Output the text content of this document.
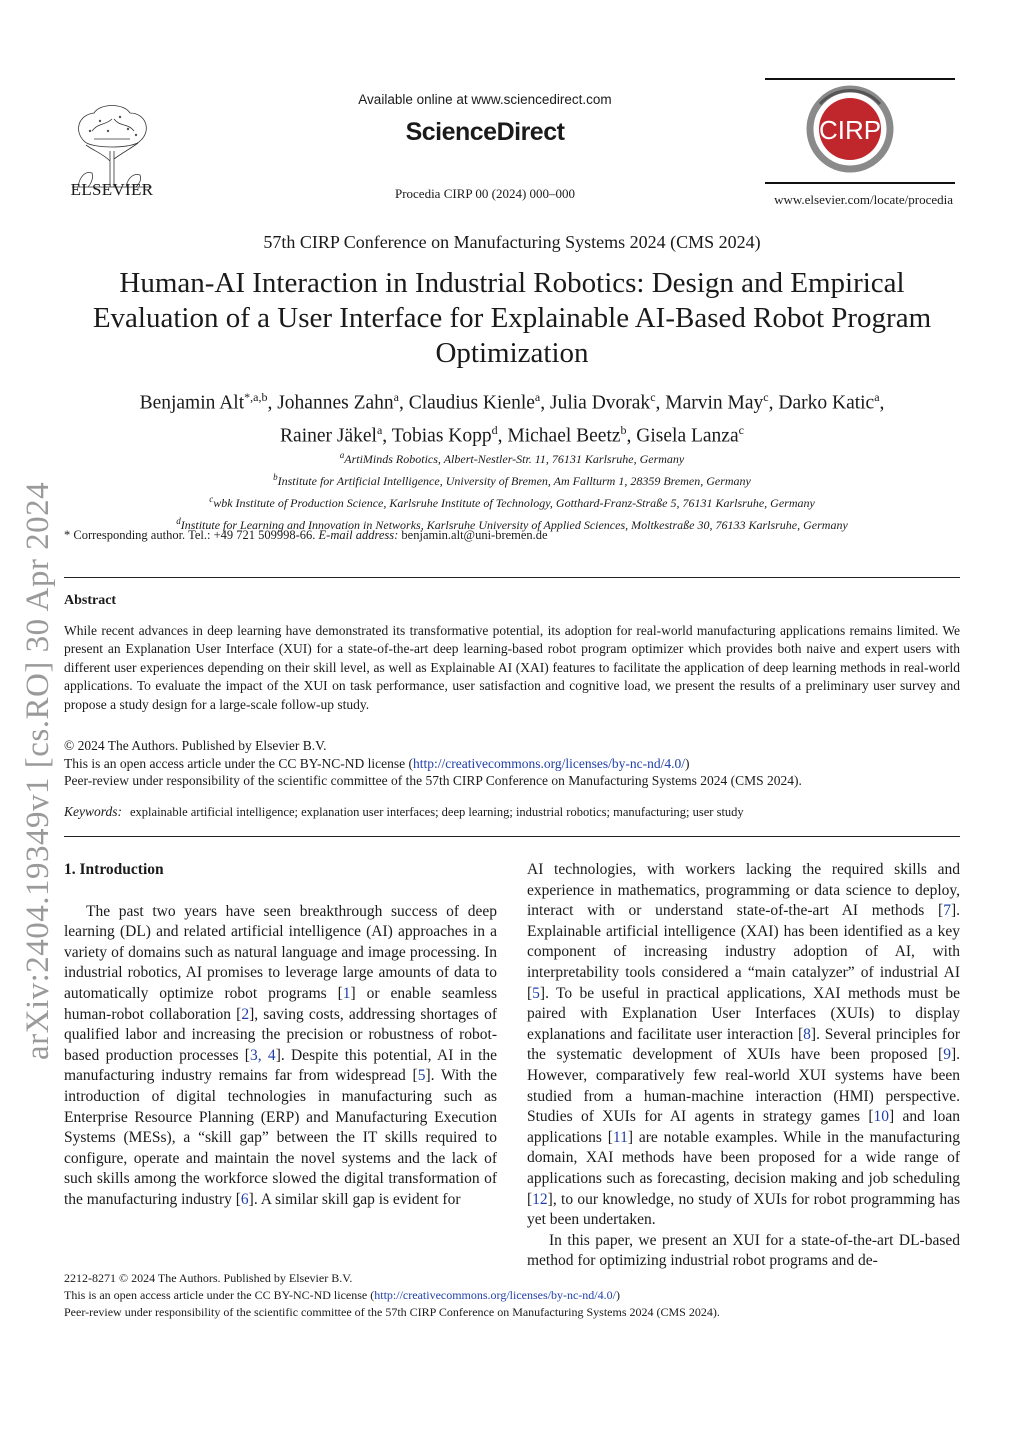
ELSEVIER
Available online at www.sciencedirect.com
ScienceDirect
Procedia CIRP 00 (2024) 000–000
CIRP
www.elsevier.com/locate/procedia
57th CIRP Conference on Manufacturing Systems 2024 (CMS 2024)
Human-AI Interaction in Industrial Robotics: Design and Empirical Evaluation of a User Interface for Explainable AI-Based Robot Program Optimization
Benjamin Alt$^{*,a,b}$, Johannes Zahn$^a$, Claudius Kienle$^a$, Julia Dvorak$^c$, Marvin May$^c$, Darko Katic$^a$,
Rainer Jäkel$^a$, Tobias Kopp$^d$, Michael Beetz$^b$, Gisela Lanza$^c$
$^a$ArtiMinds Robotics, Albert-Nestler-Str. 11, 76131 Karlsruhe, Germany
$^b$Institute for Artificial Intelligence, University of Bremen, Am Fallturm 1, 28359 Bremen, Germany
$^c$wbk Institute of Production Science, Karlsruhe Institute of Technology, Gotthard-Franz-Straße 5, 76131 Karlsruhe, Germany
$^d$Institute for Learning and Innovation in Networks, Karlsruhe University of Applied Sciences, Moltkestraße 30, 76133 Karlsruhe, Germany
* Corresponding author. Tel.: +49 721 509998-66. E-mail address: benjamin.alt@uni-bremen.de
arXiv:2404.19349v1 [cs.RO] 30 Apr 2024 Abstract
While recent advances in deep learning have demonstrated its transformative potential, its adoption for real-world manufacturing applications remains limited. We present an Explanation User Interface (XUI) for a state-of-the-art deep learning-based robot program optimizer which provides both naive and expert users with different user experiences depending on their skill level, as well as Explainable AI (XAI) features to facilitate the application of deep learning methods in real-world applications. To evaluate the impact of the XUI on task performance, user satisfaction and cognitive load, we present the results of a preliminary user survey and propose a study design for a large-scale follow-up study.
© 2024 The Authors. Published by Elsevier B.V.
This is an open access article under the CC BY-NC-ND license (http://creativecommons.org/licenses/by-nc-nd/4.0/)
Peer-review under responsibility of the scientific committee of the 57th CIRP Conference on Manufacturing Systems 2024 (CMS 2024).
Keywords: explainable artificial intelligence; explanation user interfaces; deep learning; industrial robotics; manufacturing; user study
1. Introduction

The past two years have seen breakthrough success of deep learning (DL) and related artificial intelligence (AI) approaches in a variety of domains such as natural language and image processing. In industrial robotics, AI promises to leverage large amounts of data to automatically optimize robot programs [1] or enable seamless human-robot collaboration [2], saving costs, addressing shortages of qualified labor and increasing the precision or robustness of robot-based production processes [3, 4]. Despite this potential, AI in the manufacturing industry remains far from widespread [5]. With the introduction of digital technologies in manufacturing such as Enterprise Resource Planning (ERP) and Manufacturing Execution Systems (MESs), a “skill gap” between the IT skills required to configure, operate and maintain the novel systems and the lack of such skills among the workforce slowed the digital transformation of the manufacturing industry [6]. A similar skill gap is evident for

AI technologies, with workers lacking the required skills and experience in mathematics, programming or data science to deploy, interact with or understand state-of-the-art AI methods [7]. Explainable artificial intelligence (XAI) has been identified as a key component of increasing industry adoption of AI, with interpretability tools considered a “main catalyzer” of industrial AI [5]. To be useful in practical applications, XAI methods must be paired with Explanation User Interfaces (XUIs) to display explanations and facilitate user interaction [8]. Several principles for the systematic development of XUIs have been proposed [9]. However, comparatively few real-world XUI systems have been studied from a human-machine interaction (HMI) perspective. Studies of XUIs for AI agents in strategy games [10] and loan applications [11] are notable examples. While in the manufacturing domain, XAI methods have been proposed for a wide range of applications such as forecasting, decision making and job scheduling [12], to our knowledge, no study of XUIs for robot programming has yet been undertaken.

In this paper, we present an XUI for a state-of-the-art DL-based method for optimizing industrial robot programs and de-

2212-8271 © 2024 The Authors. Published by Elsevier B.V.
This is an open access article under the CC BY-NC-ND license (http://creativecommons.org/licenses/by-nc-nd/4.0/)
Peer-review under responsibility of the scientific committee of the 57th CIRP Conference on Manufacturing Systems 2024 (CMS 2024).
